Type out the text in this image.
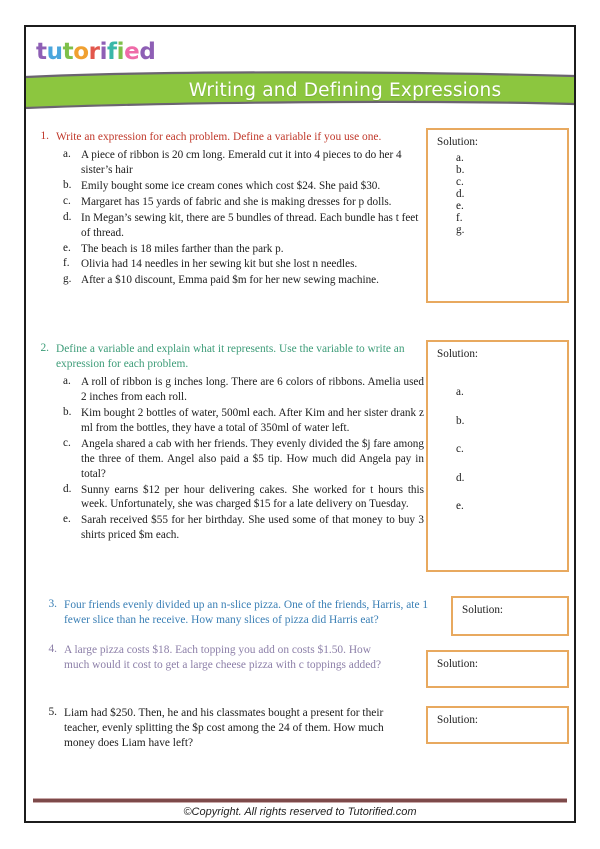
tutorified
Writing and Defining Expressions
1. Write an expression for each problem. Define a variable if you use one.
a. A piece of ribbon is 20 cm long. Emerald cut it into 4 pieces to do her 4 sister’s hair
b. Emily bought some ice cream cones which cost $24. She paid $30.
c. Margaret has 15 yards of fabric and she is making dresses for p dolls.
d. In Megan’s sewing kit, there are 5 bundles of thread. Each bundle has t feet of thread.
e. The beach is 18 miles farther than the park p.
f.	Olivia had 14 needles in her sewing kit but she lost n needles.
g. After a $10 discount, Emma paid $m for her new sewing machine.
2. Define a variable and explain what it represents. Use the variable to write an expression for each problem.
a. A roll of ribbon is g inches long. There are 6 colors of ribbons. Amelia used 2 inches from each roll.
b. Kim bought 2 bottles of water, 500ml each. After Kim and her sister drank z ml from the bottles, they have a total of 350ml of water left.
c. Angela shared a cab with her friends. They evenly divided the $j fare among the three of them. Angel also paid a $5 tip. How much did Angela pay in total?
d. Sunny earns $12 per hour delivering cakes. She worked for t hours this week. Unfortunately, she was charged $15 for a late delivery on Tuesday.
e. Sarah received $55 for her birthday. She used some of that money to buy 3 shirts priced $m each.
3. Four friends evenly divided up an n-slice pizza. One of the friends, Harris, ate 1 fewer slice than he receive. How many slices of pizza did Harris eat?
4. A large pizza costs $18. Each topping you add on costs $1.50. How much would it cost to get a large cheese pizza with c toppings added?
5. Liam had $250. Then, he and his classmates bought a present for their teacher, evenly splitting the $p cost among the 24 of them. How much money does Liam have left?
Solution:
a.
b.
c.
d.
e.
f.
g.
Solution:
a.
b.
c.
d.
e.
Solution:
Solution:
Solution:
©Copyright. All rights reserved to Tutorified.com
